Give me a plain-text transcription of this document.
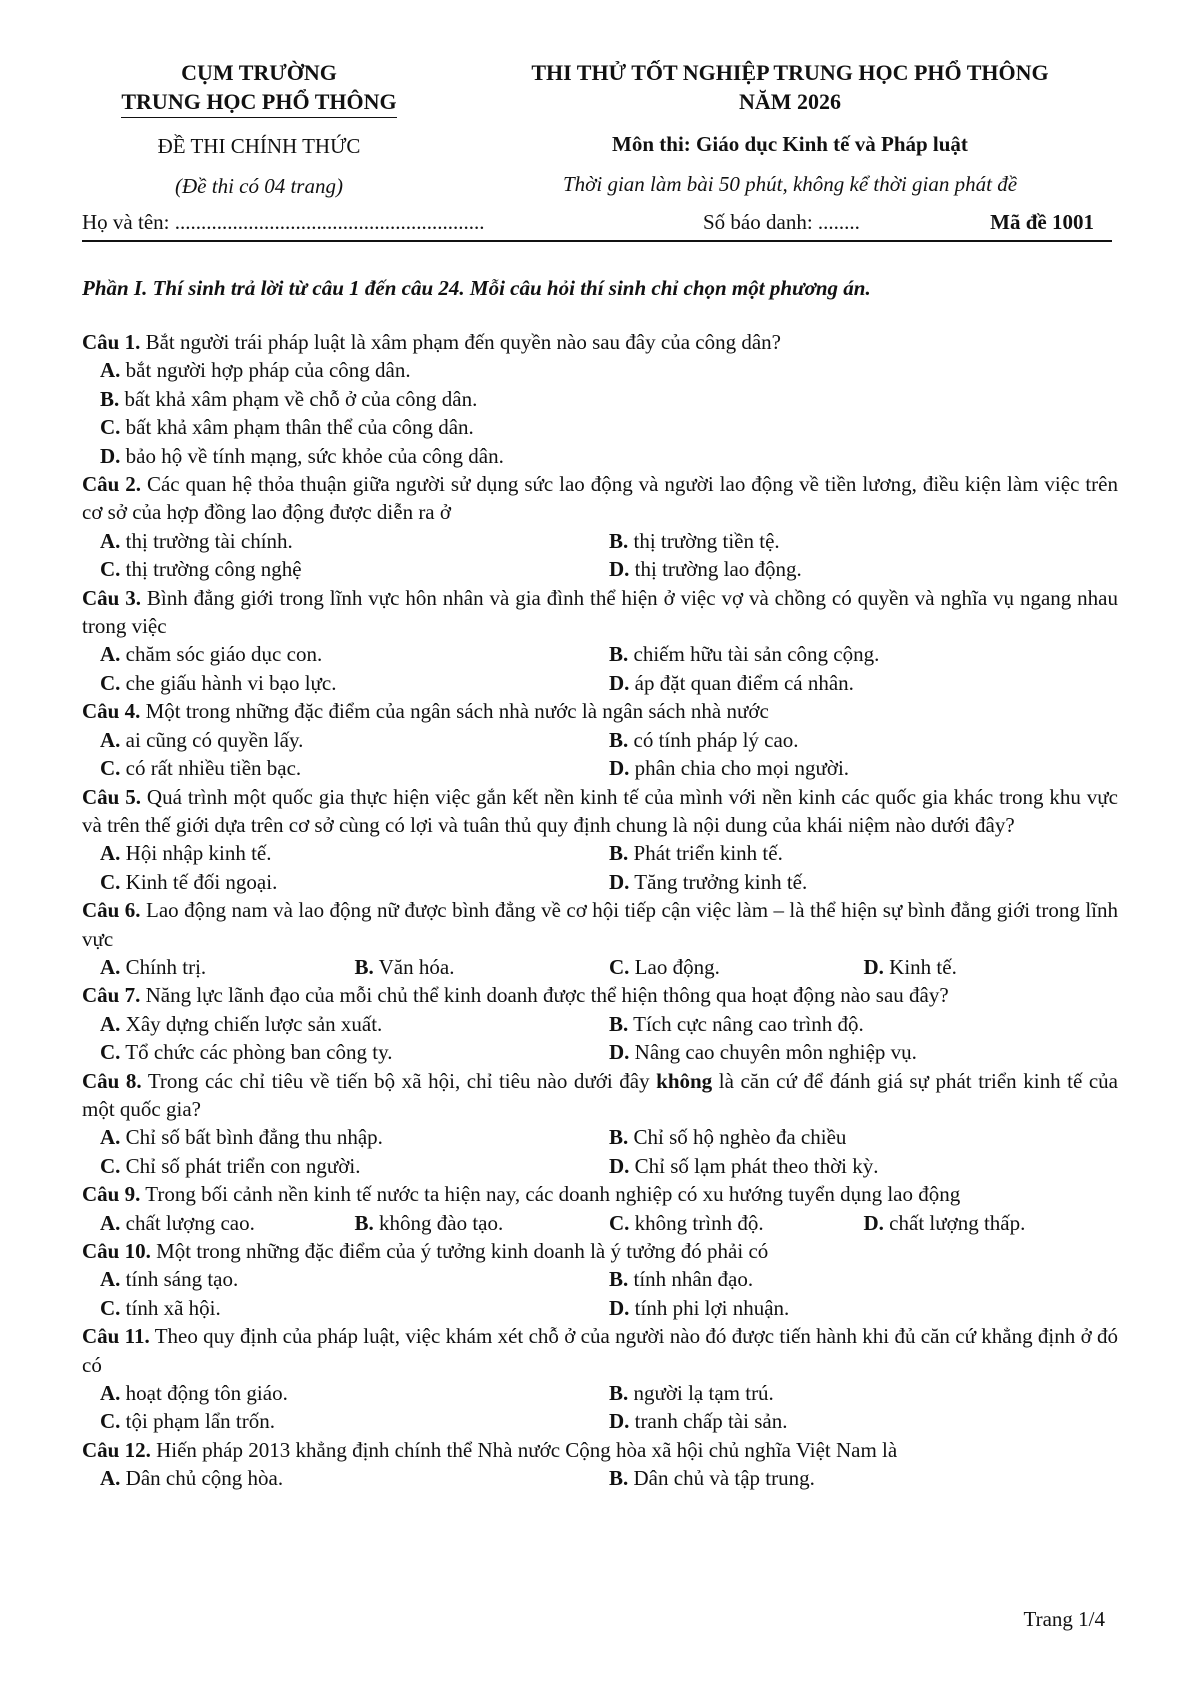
CỤM TRƯỜNG
TRUNG HỌC PHỔ THÔNG
ĐỀ THI CHÍNH THỨC
(Đề thi có 04 trang)
THI THỬ TỐT NGHIỆP TRUNG HỌC PHỔ THÔNG
NĂM 2026
Môn thi: Giáo dục Kinh tế và Pháp luật
Thời gian làm bài 50 phút, không kể thời gian phát đề
Họ và tên: ...........................................................	Số báo danh: ........	Mã đề 1001
Phần I. Thí sinh trả lời từ câu 1 đến câu 24. Mỗi câu hỏi thí sinh chỉ chọn một phương án.
Câu 1. Bắt người trái pháp luật là xâm phạm đến quyền nào sau đây của công dân?
A. bắt người hợp pháp của công dân.
B. bất khả xâm phạm về chỗ ở của công dân.
C. bất khả xâm phạm thân thể của công dân.
D. bảo hộ về tính mạng, sức khỏe của công dân.
Câu 2. Các quan hệ thỏa thuận giữa người sử dụng sức lao động và người lao động về tiền lương, điều kiện làm việc trên cơ sở của hợp đồng lao động được diễn ra ở
A. thị trường tài chính.	B. thị trường tiền tệ.
C. thị trường công nghệ	D. thị trường lao động.
Câu 3. Bình đẳng giới trong lĩnh vực hôn nhân và gia đình thể hiện ở việc vợ và chồng có quyền và nghĩa vụ ngang nhau trong việc
A. chăm sóc giáo dục con.	B. chiếm hữu tài sản công cộng.
C. che giấu hành vi bạo lực.	D. áp đặt quan điểm cá nhân.
Câu 4. Một trong những đặc điểm của ngân sách nhà nước là ngân sách nhà nước
A. ai cũng có quyền lấy.	B. có tính pháp lý cao.
C. có rất nhiều tiền bạc.	D. phân chia cho mọi người.
Câu 5. Quá trình một quốc gia thực hiện việc gắn kết nền kinh tế của mình với nền kinh các quốc gia khác trong khu vực và trên thế giới dựa trên cơ sở cùng có lợi và tuân thủ quy định chung là nội dung của khái niệm nào dưới đây?
A. Hội nhập kinh tế.	B. Phát triển kinh tế.
C. Kinh tế đối ngoại.	D. Tăng trưởng kinh tế.
Câu 6. Lao động nam và lao động nữ được bình đẳng về cơ hội tiếp cận việc làm – là thể hiện sự bình đẳng giới trong lĩnh vực
A. Chính trị.	B. Văn hóa.	C. Lao động.	D. Kinh tế.
Câu 7. Năng lực lãnh đạo của mỗi chủ thể kinh doanh được thể hiện thông qua hoạt động nào sau đây?
A. Xây dựng chiến lược sản xuất.	B. Tích cực nâng cao trình độ.
C. Tổ chức các phòng ban công ty.	D. Nâng cao chuyên môn nghiệp vụ.
Câu 8. Trong các chỉ tiêu về tiến bộ xã hội, chỉ tiêu nào dưới đây không là căn cứ để đánh giá sự phát triển kinh tế của một quốc gia?
A. Chỉ số bất bình đẳng thu nhập.	B. Chỉ số hộ nghèo đa chiều
C. Chỉ số phát triển con người.	D. Chỉ số lạm phát theo thời kỳ.
Câu 9. Trong bối cảnh nền kinh tế nước ta hiện nay, các doanh nghiệp có xu hướng tuyển dụng lao động
A. chất lượng cao.	B. không đào tạo.	C. không trình độ.	D. chất lượng thấp.
Câu 10. Một trong những đặc điểm của ý tưởng kinh doanh là ý tưởng đó phải có
A. tính sáng tạo.	B. tính nhân đạo.
C. tính xã hội.	D. tính phi lợi nhuận.
Câu 11. Theo quy định của pháp luật, việc khám xét chỗ ở của người nào đó được tiến hành khi đủ căn cứ khẳng định ở đó có
A. hoạt động tôn giáo.	B. người lạ tạm trú.
C. tội phạm lẩn trốn.	D. tranh chấp tài sản.
Câu 12. Hiến pháp 2013 khẳng định chính thể Nhà nước Cộng hòa xã hội chủ nghĩa Việt Nam là
A. Dân chủ cộng hòa.	B. Dân chủ và tập trung.
Trang 1/4
